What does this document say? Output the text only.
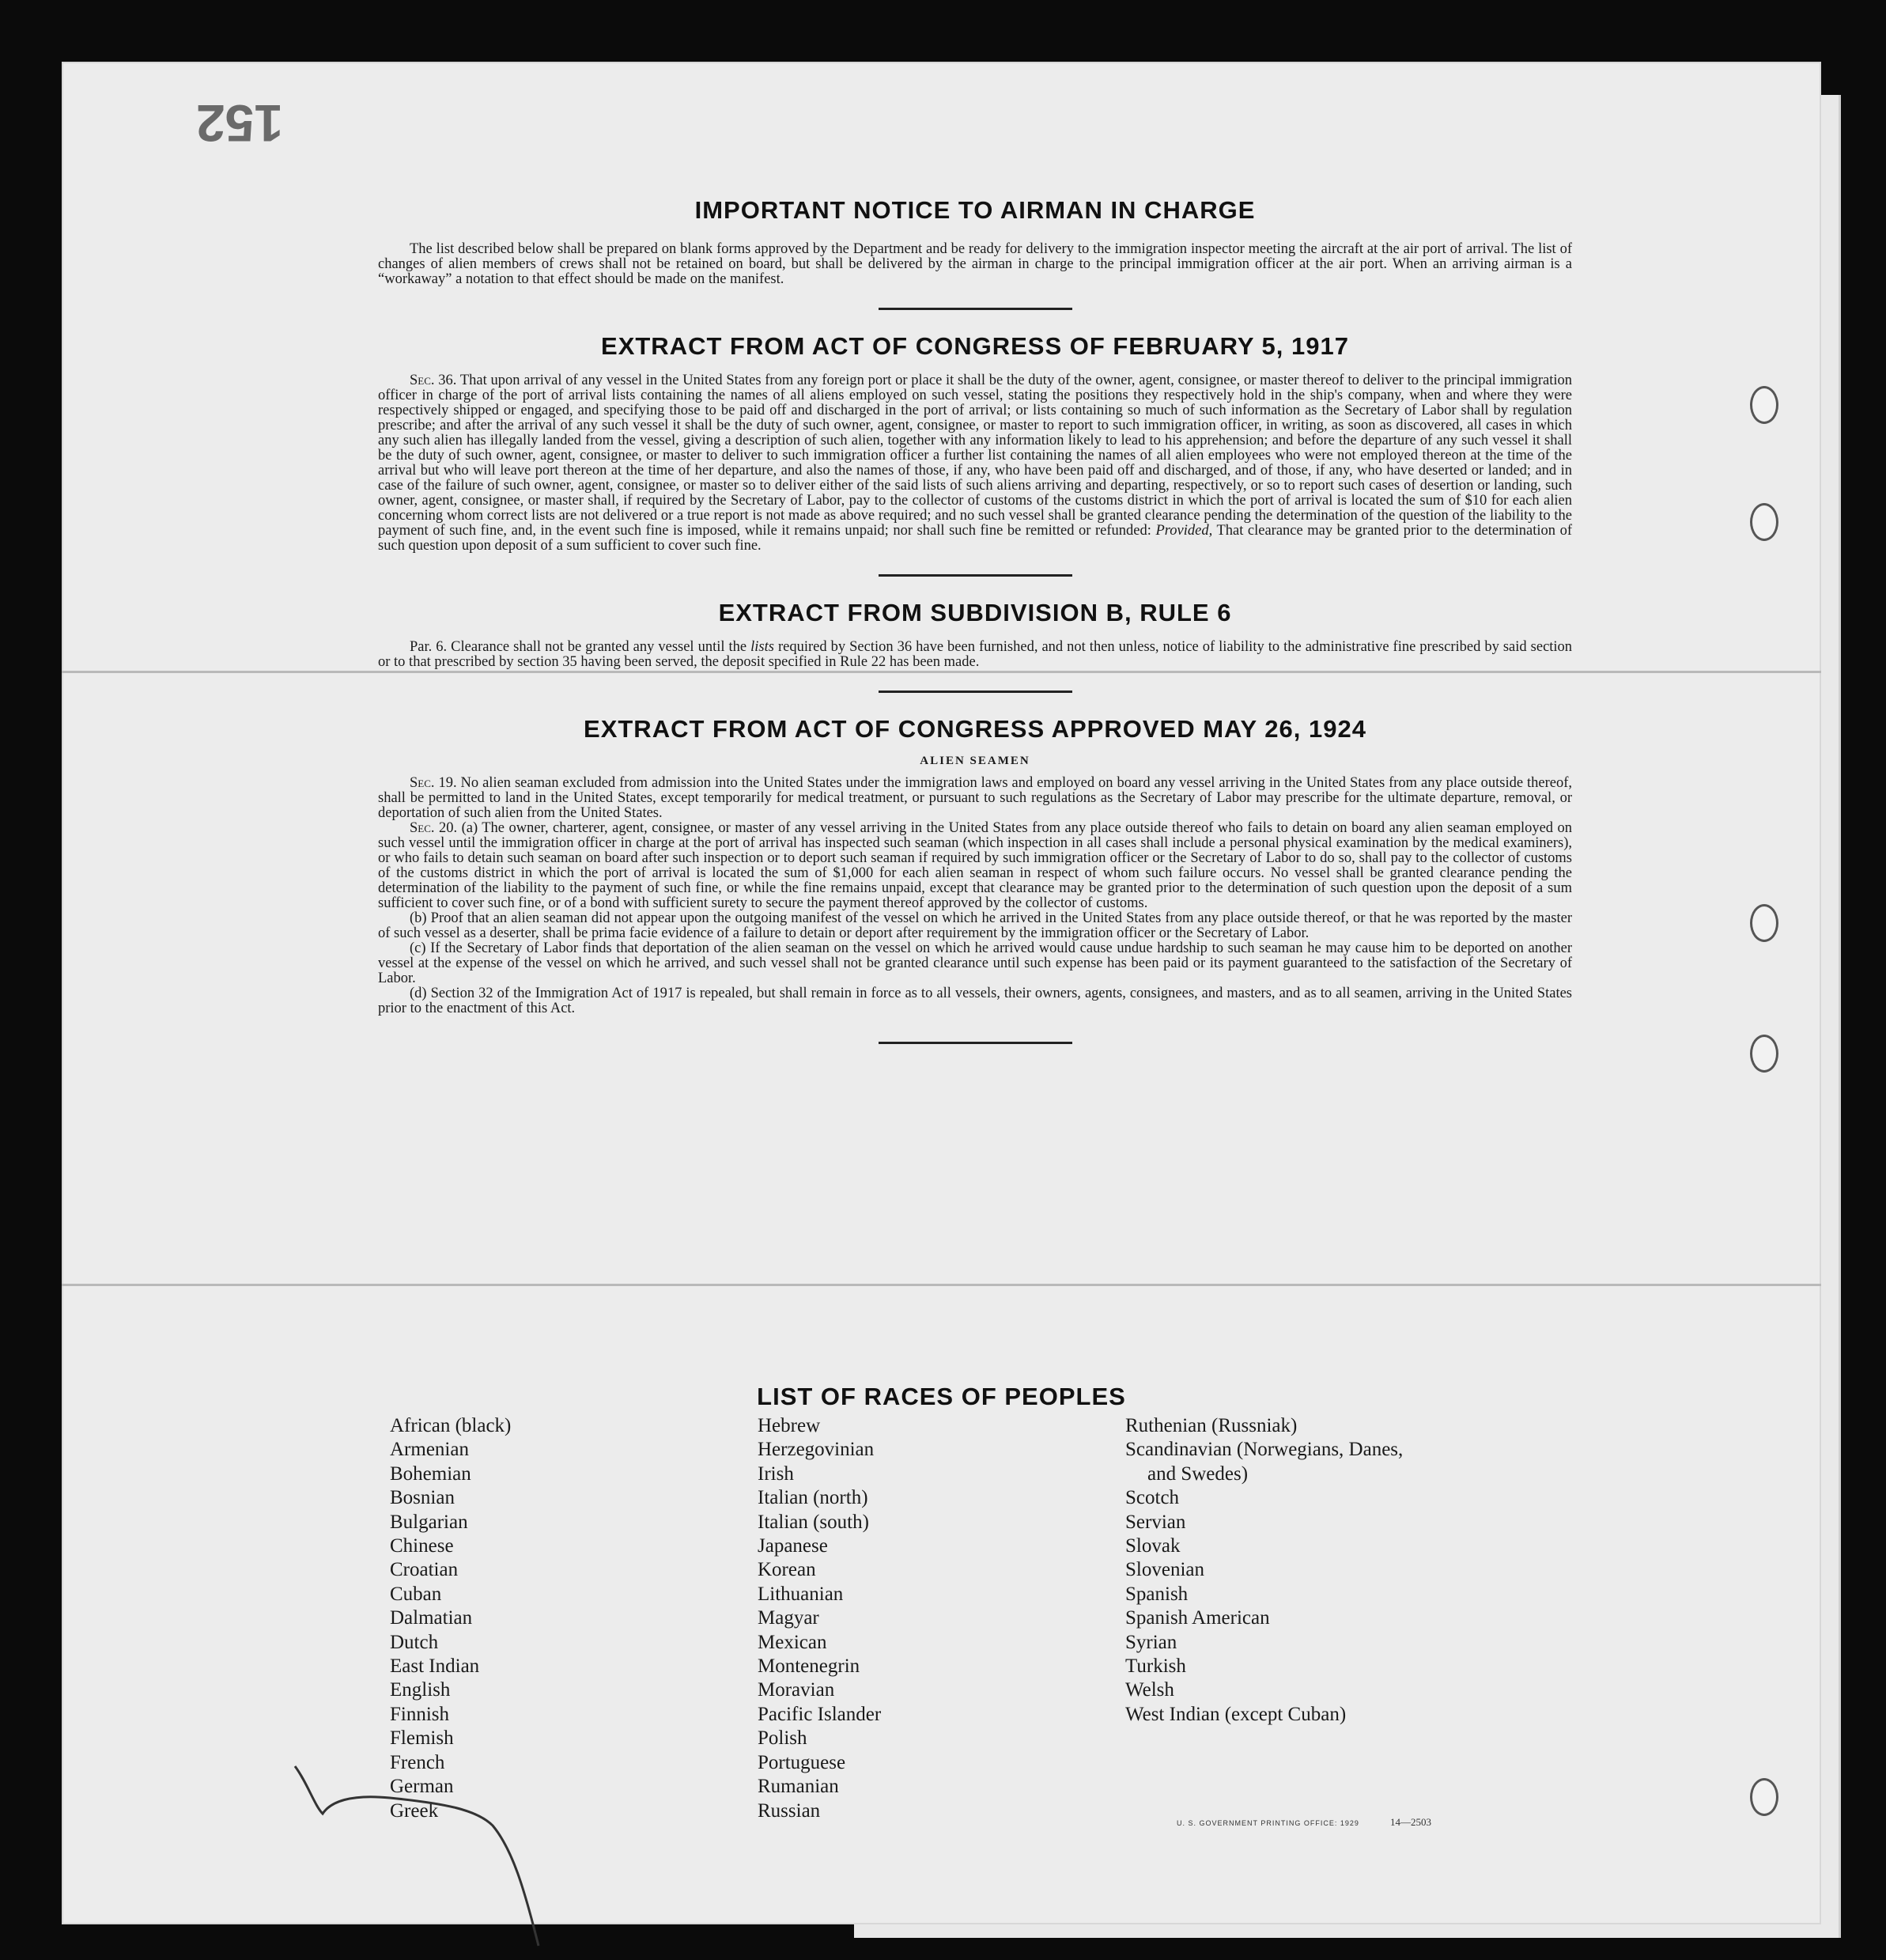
152
IMPORTANT NOTICE TO AIRMAN IN CHARGE

The list described below shall be prepared on blank forms approved by the Department and be ready for delivery to the immigration inspector meeting the aircraft at the air port of arrival. The list of changes of alien members of crews shall not be retained on board, but shall be delivered by the airman in charge to the principal immigration officer at the air port. When an arriving airman is a “workaway” a notation to that effect should be made on the manifest.

EXTRACT FROM ACT OF CONGRESS OF FEBRUARY 5, 1917

Sec. 36. That upon arrival of any vessel in the United States from any foreign port or place it shall be the duty of the owner, agent, consignee, or master thereof to deliver to the principal immigration officer in charge of the port of arrival lists containing the names of all aliens employed on such vessel, stating the positions they respectively hold in the ship's company, when and where they were respectively shipped or engaged, and specifying those to be paid off and discharged in the port of arrival; or lists containing so much of such information as the Secretary of Labor shall by regulation prescribe; and after the arrival of any such vessel it shall be the duty of such owner, agent, consignee, or master to report to such immigration officer, in writing, as soon as discovered, all cases in which any such alien has illegally landed from the vessel, giving a description of such alien, together with any information likely to lead to his apprehension; and before the departure of any such vessel it shall be the duty of such owner, agent, consignee, or master to deliver to such immigration officer a further list containing the names of all alien employees who were not employed thereon at the time of the arrival but who will leave port thereon at the time of her departure, and also the names of those, if any, who have been paid off and discharged, and of those, if any, who have deserted or landed; and in case of the failure of such owner, agent, consignee, or master so to deliver either of the said lists of such aliens arriving and departing, respectively, or so to report such cases of desertion or landing, such owner, agent, consignee, or master shall, if required by the Secretary of Labor, pay to the collector of customs of the customs district in which the port of arrival is located the sum of $10 for each alien concerning whom correct lists are not delivered or a true report is not made as above required; and no such vessel shall be granted clearance pending the determination of the question of the liability to the payment of such fine, and, in the event such fine is imposed, while it remains unpaid; nor shall such fine be remitted or refunded: Provided, That clearance may be granted prior to the determination of such question upon deposit of a sum sufficient to cover such fine.

EXTRACT FROM SUBDIVISION B, RULE 6

Par. 6. Clearance shall not be granted any vessel until the lists required by Section 36 have been furnished, and not then unless, notice of liability to the administrative fine prescribed by said section or to that prescribed by section 35 having been served, the deposit specified in Rule 22 has been made.

EXTRACT FROM ACT OF CONGRESS APPROVED MAY 26, 1924
ALIEN SEAMEN

Sec. 19. No alien seaman excluded from admission into the United States under the immigration laws and employed on board any vessel arriving in the United States from any place outside thereof, shall be permitted to land in the United States, except temporarily for medical treatment, or pursuant to such regulations as the Secretary of Labor may prescribe for the ultimate departure, removal, or deportation of such alien from the United States.

Sec. 20. (a) The owner, charterer, agent, consignee, or master of any vessel arriving in the United States from any place outside thereof who fails to detain on board any alien seaman employed on such vessel until the immigration officer in charge at the port of arrival has inspected such seaman (which inspection in all cases shall include a personal physical examination by the medical examiners), or who fails to detain such seaman on board after such inspection or to deport such seaman if required by such immigration officer or the Secretary of Labor to do so, shall pay to the collector of customs of the customs district in which the port of arrival is located the sum of $1,000 for each alien seaman in respect of whom such failure occurs. No vessel shall be granted clearance pending the determination of the liability to the payment of such fine, or while the fine remains unpaid, except that clearance may be granted prior to the determination of such question upon the deposit of a sum sufficient to cover such fine, or of a bond with sufficient surety to secure the payment thereof approved by the collector of customs.

(b) Proof that an alien seaman did not appear upon the outgoing manifest of the vessel on which he arrived in the United States from any place outside thereof, or that he was reported by the master of such vessel as a deserter, shall be prima facie evidence of a failure to detain or deport after requirement by the immigration officer or the Secretary of Labor.

(c) If the Secretary of Labor finds that deportation of the alien seaman on the vessel on which he arrived would cause undue hardship to such seaman he may cause him to be deported on another vessel at the expense of the vessel on which he arrived, and such vessel shall not be granted clearance until such expense has been paid or its payment guaranteed to the satisfaction of the Secretary of Labor.

(d) Section 32 of the Immigration Act of 1917 is repealed, but shall remain in force as to all vessels, their owners, agents, consignees, and masters, and as to all seamen, arriving in the United States prior to the enactment of this Act.

LIST OF RACES OF PEOPLES
African (black)
Armenian
Bohemian
Bosnian
Bulgarian
Chinese
Croatian
Cuban
Dalmatian
Dutch
East Indian
English
Finnish
Flemish
French
German
Greek
Hebrew
Herzegovinian
Irish
Italian (north)
Italian (south)
Japanese
Korean
Lithuanian
Magyar
Mexican
Montenegrin
Moravian
Pacific Islander
Polish
Portuguese
Rumanian
Russian
Ruthenian (Russniak)
Scandinavian (Norwegians, Danes,
and Swedes)
Scotch
Servian
Slovak
Slovenian
Spanish
Spanish American
Syrian
Turkish
Welsh
West Indian (except Cuban)
U. S. GOVERNMENT PRINTING OFFICE: 1929	14—2503
